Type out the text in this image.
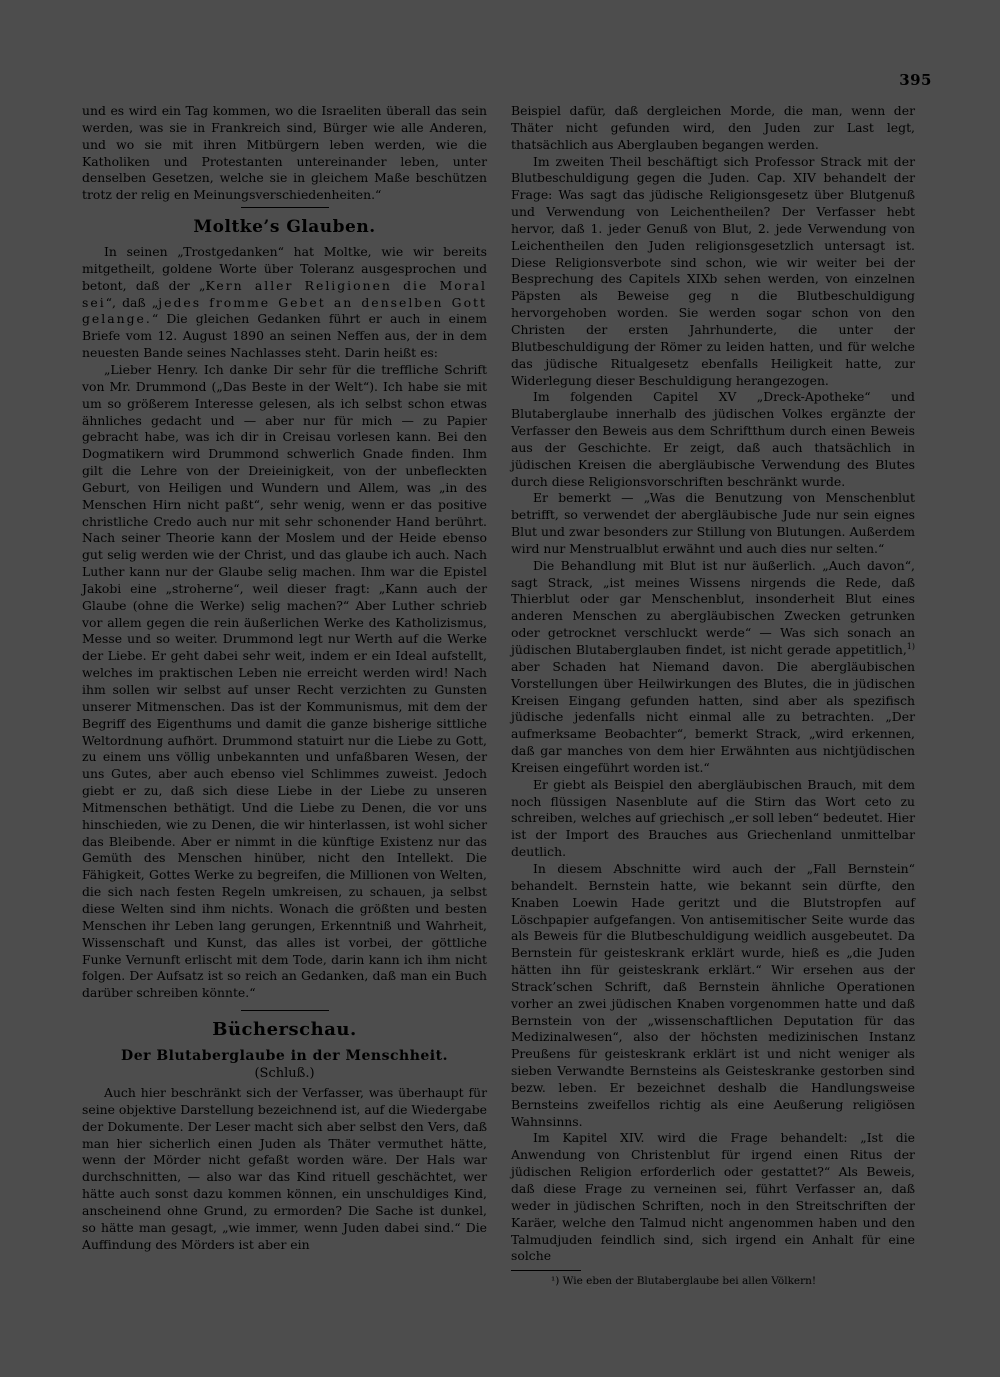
395

und es wird ein Tag kommen, wo die Israeliten überall das sein werden, was sie in Frankreich sind, Bürger wie alle Anderen, und wo sie mit ihren Mitbürgern leben werden, wie die Katholiken und Protestanten untereinander leben, unter denselben Gesetzen, welche sie in gleichem Maße beschützen trotz der relig en Meinungsverschiedenheiten.“

Moltke’s Glauben.

In seinen „Trostgedanken“ hat Moltke, wie wir bereits mitgetheilt, goldene Worte über Toleranz ausgesprochen und betont, daß der „Kern aller Religionen die Moral sei“, daß „jedes fromme Gebet an denselben Gott gelange.“ Die gleichen Gedanken führt er auch in einem Briefe vom 12. August 1890 an seinen Neffen aus, der in dem neuesten Bande seines Nachlasses steht. Darin heißt es:

„Lieber Henry. Ich danke Dir sehr für die treffliche Schrift von Mr. Drummond („Das Beste in der Welt“). Ich habe sie mit um so größerem Interesse gelesen, als ich selbst schon etwas ähnliches gedacht und — aber nur für mich — zu Papier gebracht habe, was ich dir in Creisau vorlesen kann. Bei den Dogmatikern wird Drummond schwerlich Gnade finden. Ihm gilt die Lehre von der Dreieinigkeit, von der unbefleckten Geburt, von Heiligen und Wundern und Allem, was „in des Menschen Hirn nicht paßt“, sehr wenig, wenn er das positive christliche Credo auch nur mit sehr schonender Hand berührt. Nach seiner Theorie kann der Moslem und der Heide ebenso gut selig werden wie der Christ, und das glaube ich auch. Nach Luther kann nur der Glaube selig machen. Ihm war die Epistel Jakobi eine „stroherne“, weil dieser fragt: „Kann auch der Glaube (ohne die Werke) selig machen?“ Aber Luther schrieb vor allem gegen die rein äußerlichen Werke des Katholizismus, Messe und so weiter. Drummond legt nur Werth auf die Werke der Liebe. Er geht dabei sehr weit, indem er ein Ideal aufstellt, welches im praktischen Leben nie erreicht werden wird! Nach ihm sollen wir selbst auf unser Recht verzichten zu Gunsten unserer Mitmenschen. Das ist der Kommunismus, mit dem der Begriff des Eigenthums und damit die ganze bisherige sittliche Weltordnung aufhört. Drummond statuirt nur die Liebe zu Gott, zu einem uns völlig unbekannten und unfaßbaren Wesen, der uns Gutes, aber auch ebenso viel Schlimmes zuweist. Jedoch giebt er zu, daß sich diese Liebe in der Liebe zu unseren Mitmenschen bethätigt. Und die Liebe zu Denen, die vor uns hinschieden, wie zu Denen, die wir hinterlassen, ist wohl sicher das Bleibende. Aber er nimmt in die künftige Existenz nur das Gemüth des Menschen hinüber, nicht den Intellekt. Die Fähigkeit, Gottes Werke zu begreifen, die Millionen von Welten, die sich nach festen Regeln umkreisen, zu schauen, ja selbst diese Welten sind ihm nichts. Wonach die größten und besten Menschen ihr Leben lang gerungen, Erkenntniß und Wahrheit, Wissenschaft und Kunst, das alles ist vorbei, der göttliche Funke Vernunft erlischt mit dem Tode, darin kann ich ihm nicht folgen. Der Aufsatz ist so reich an Gedanken, daß man ein Buch darüber schreiben könnte.“

Bücherschau.
Der Blutaberglaube in der Menschheit.
(Schluß.)

Auch hier beschränkt sich der Verfasser, was überhaupt für seine objektive Darstellung bezeichnend ist, auf die Wiedergabe der Dokumente. Der Leser macht sich aber selbst den Vers, daß man hier sicherlich einen Juden als Thäter vermuthet hätte, wenn der Mörder nicht gefaßt worden wäre. Der Hals war durchschnitten, — also war das Kind rituell geschächtet, wer hätte auch sonst dazu kommen können, ein unschuldiges Kind, anscheinend ohne Grund, zu ermorden? Die Sache ist dunkel, so hätte man gesagt, „wie immer, wenn Juden dabei sind.“ Die Auffindung des Mörders ist aber ein

Beispiel dafür, daß dergleichen Morde, die man, wenn der Thäter nicht gefunden wird, den Juden zur Last legt, thatsächlich aus Aberglauben begangen werden.

Im zweiten Theil beschäftigt sich Professor Strack mit der Blutbeschuldigung gegen die Juden. Cap. XIV behandelt der Frage: Was sagt das jüdische Religionsgesetz über Blutgenuß und Verwendung von Leichentheilen? Der Verfasser hebt hervor, daß 1. jeder Genuß von Blut, 2. jede Verwendung von Leichentheilen den Juden religionsgesetzlich untersagt ist. Diese Religionsverbote sind schon, wie wir weiter bei der Besprechung des Capitels XIXb sehen werden, von einzelnen Päpsten als Beweise geg n die Blutbeschuldigung hervorgehoben worden. Sie werden sogar schon von den Christen der ersten Jahrhunderte, die unter der Blutbeschuldigung der Römer zu leiden hatten, und für welche das jüdische Ritualgesetz ebenfalls Heiligkeit hatte, zur Widerlegung dieser Beschuldigung herangezogen.

Im folgenden Capitel XV „Dreck-Apotheke“ und Blutaberglaube innerhalb des jüdischen Volkes ergänzte der Verfasser den Beweis aus dem Schriftthum durch einen Beweis aus der Geschichte. Er zeigt, daß auch thatsächlich in jüdischen Kreisen die abergläubische Verwendung des Blutes durch diese Religionsvorschriften beschränkt wurde.

Er bemerkt — „Was die Benutzung von Menschenblut betrifft, so verwendet der abergläubische Jude nur sein eignes Blut und zwar besonders zur Stillung von Blutungen. Außerdem wird nur Menstrualblut erwähnt und auch dies nur selten.“

Die Behandlung mit Blut ist nur äußerlich. „Auch davon“, sagt Strack, „ist meines Wissens nirgends die Rede, daß Thierblut oder gar Menschenblut, insonderheit Blut eines anderen Menschen zu abergläubischen Zwecken getrunken oder getrocknet verschluckt werde“ — Was sich sonach an jüdischen Blutaberglauben findet, ist nicht gerade appetitlich,$^{1)}$ aber Schaden hat Niemand davon. Die abergläubischen Vorstellungen über Heilwirkungen des Blutes, die in jüdischen Kreisen Eingang gefunden hatten, sind aber als spezifisch jüdische jedenfalls nicht einmal alle zu betrachten. „Der aufmerksame Beobachter“, bemerkt Strack, „wird erkennen, daß gar manches von dem hier Erwähnten aus nichtjüdischen Kreisen eingeführt worden ist.“

Er giebt als Beispiel den abergläubischen Brauch, mit dem noch flüssigen Nasenblute auf die Stirn das Wort ceto zu schreiben, welches auf griechisch „er soll leben“ bedeutet. Hier ist der Import des Brauches aus Griechenland unmittelbar deutlich.

In diesem Abschnitte wird auch der „Fall Bernstein“ behandelt. Bernstein hatte, wie bekannt sein dürfte, den Knaben Loewin Hade geritzt und die Blutstropfen auf Löschpapier aufgefangen. Von antisemitischer Seite wurde das als Beweis für die Blutbeschuldigung weidlich ausgebeutet. Da Bernstein für geisteskrank erklärt wurde, hieß es „die Juden hätten ihn für geisteskrank erklärt.“ Wir ersehen aus der Strack’schen Schrift, daß Bernstein ähnliche Operationen vorher an zwei jüdischen Knaben vorgenommen hatte und daß Bernstein von der „wissenschaftlichen Deputation für das Medizinalwesen“, also der höchsten medizinischen Instanz Preußens für geisteskrank erklärt ist und nicht weniger als sieben Verwandte Bernsteins als Geisteskranke gestorben sind bezw. leben. Er bezeichnet deshalb die Handlungsweise Bernsteins zweifellos richtig als eine Aeußerung religiösen Wahnsinns.

Im Kapitel XIV. wird die Frage behandelt: „Ist die Anwendung von Christenblut für irgend einen Ritus der jüdischen Religion erforderlich oder gestattet?“ Als Beweis, daß diese Frage zu verneinen sei, führt Verfasser an, daß weder in jüdischen Schriften, noch in den Streitschriften der Karäer, welche den Talmud nicht angenommen haben und den Talmudjuden feindlich sind, sich irgend ein Anhalt für eine solche

¹) Wie eben der Blutaberglaube bei allen Völkern!
